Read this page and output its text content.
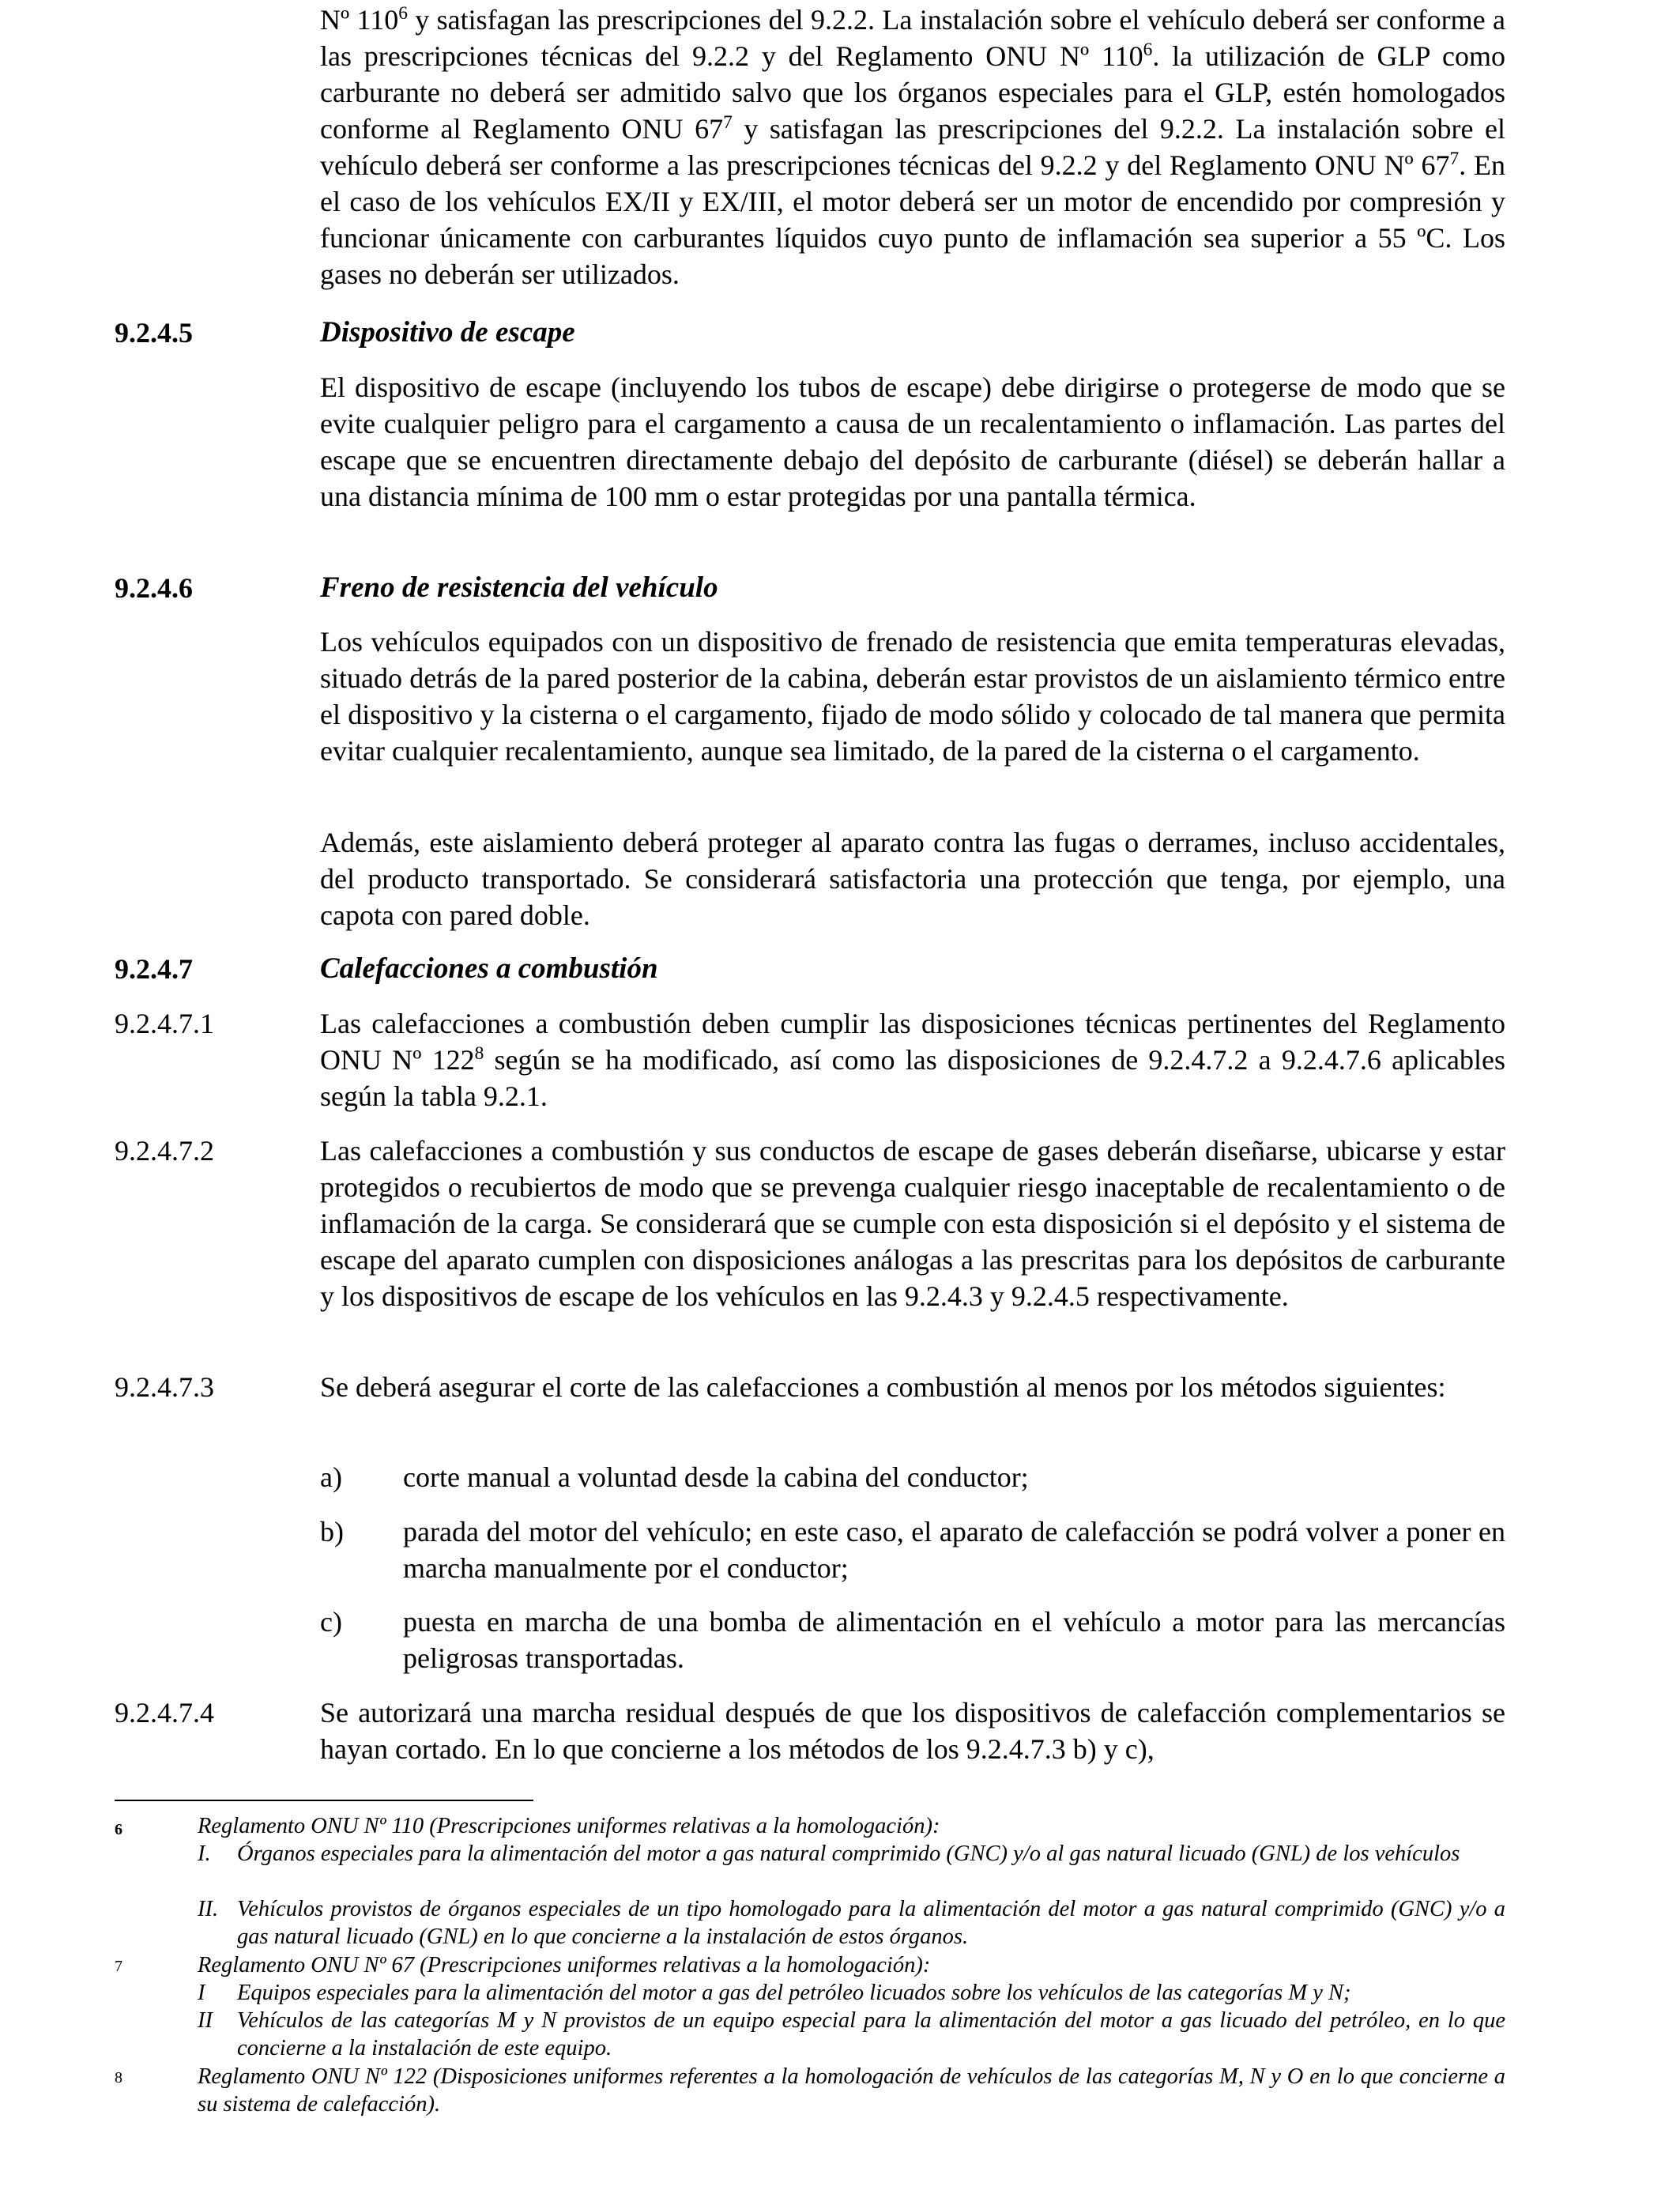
Nº $110^6$ y satisfagan las prescripciones del 9.2.2. La instalación sobre el vehículo deberá ser conforme a las prescripciones técnicas del 9.2.2 y del Reglamento ONU Nº $110^6$. la utilización de GLP como carburante no deberá ser admitido salvo que los órganos especiales para el GLP, estén homologados conforme al Reglamento ONU $67^7$ y satisfagan las prescripciones del 9.2.2. La instalación sobre el vehículo deberá ser conforme a las prescripciones técnicas del 9.2.2 y del Reglamento ONU Nº $67^7$. En el caso de los vehículos EX/II y EX/III, el motor deberá ser un motor de encendido por compresión y funcionar únicamente con carburantes líquidos cuyo punto de inflamación sea superior a 55 ºC. Los gases no deberán ser utilizados.
9.2.4.5	Dispositivo de escape
El dispositivo de escape (incluyendo los tubos de escape) debe dirigirse o protegerse de modo que se evite cualquier peligro para el cargamento a causa de un recalentamiento o inflamación. Las partes del escape que se encuentren directamente debajo del depósito de carburante (diésel) se deberán hallar a una distancia mínima de 100 mm o estar protegidas por una pantalla térmica.
9.2.4.6	Freno de resistencia del vehículo
Los vehículos equipados con un dispositivo de frenado de resistencia que emita temperaturas elevadas, situado detrás de la pared posterior de la cabina, deberán estar provistos de un aislamiento térmico entre el dispositivo y la cisterna o el cargamento, fijado de modo sólido y colocado de tal manera que permita evitar cualquier recalentamiento, aunque sea limitado, de la pared de la cisterna o el cargamento.
Además, este aislamiento deberá proteger al aparato contra las fugas o derrames, incluso accidentales, del producto transportado. Se considerará satisfactoria una protección que tenga, por ejemplo, una capota con pared doble.
9.2.4.7	Calefacciones a combustión
9.2.4.7.1	Las calefacciones a combustión deben cumplir las disposiciones técnicas pertinentes del Reglamento ONU Nº $122^8$ según se ha modificado, así como las disposiciones de 9.2.4.7.2 a 9.2.4.7.6 aplicables según la tabla 9.2.1.
9.2.4.7.2	Las calefacciones a combustión y sus conductos de escape de gases deberán diseñarse, ubicarse y estar protegidos o recubiertos de modo que se prevenga cualquier riesgo inaceptable de recalentamiento o de inflamación de la carga. Se considerará que se cumple con esta disposición si el depósito y el sistema de escape del aparato cumplen con disposiciones análogas a las prescritas para los depósitos de carburante y los dispositivos de escape de los vehículos en las 9.2.4.3 y 9.2.4.5 respectivamente.
9.2.4.7.3	Se deberá asegurar el corte de las calefacciones a combustión al menos por los métodos siguientes:
a) corte manual a voluntad desde la cabina del conductor;
b) parada del motor del vehículo; en este caso, el aparato de calefacción se podrá volver a poner en marcha manualmente por el conductor;
c) puesta en marcha de una bomba de alimentación en el vehículo a motor para las mercancías peligrosas transportadas.
9.2.4.7.4	Se autorizará una marcha residual después de que los dispositivos de calefacción complementarios se hayan cortado. En lo que concierne a los métodos de los 9.2.4.7.3 b) y c),
6	Reglamento ONU Nº 110 (Prescripciones uniformes relativas a la homologación):
I. Órganos especiales para la alimentación del motor a gas natural comprimido (GNC) y/o al gas natural licuado (GNL) de los vehículos
II. Vehículos provistos de órganos especiales de un tipo homologado para la alimentación del motor a gas natural comprimido (GNC) y/o a gas natural licuado (GNL) en lo que concierne a la instalación de estos órganos.
7	Reglamento ONU Nº 67 (Prescripciones uniformes relativas a la homologación):
I Equipos especiales para la alimentación del motor a gas del petróleo licuados sobre los vehículos de las categorías M y N;
II Vehículos de las categorías M y N provistos de un equipo especial para la alimentación del motor a gas licuado del petróleo, en lo que concierne a la instalación de este equipo.
8	Reglamento ONU Nº 122 (Disposiciones uniformes referentes a la homologación de vehículos de las categorías M, N y O en lo que concierne a su sistema de calefacción).
